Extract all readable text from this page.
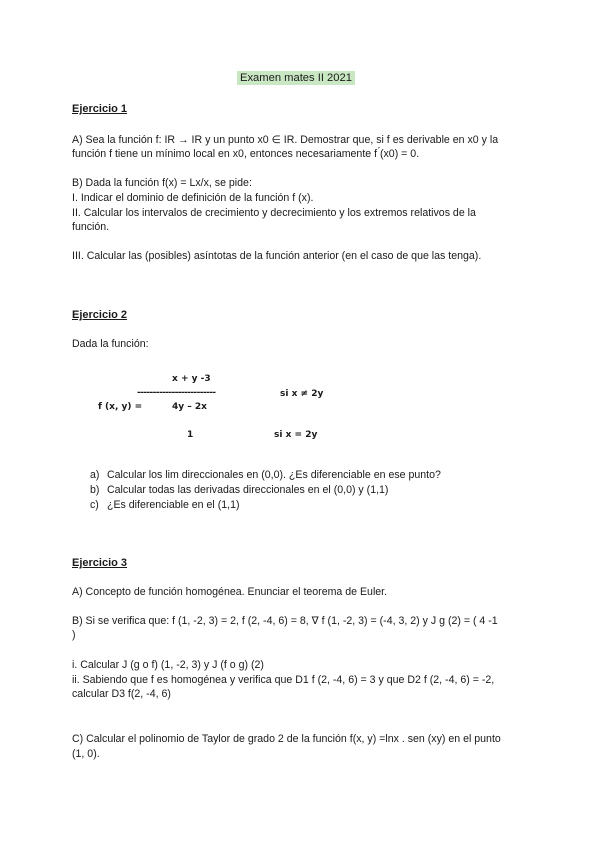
Examen mates II 2021
Ejercicio 1
A) Sea la función f: IR → IR y un punto x0 ∈ IR. Demostrar que, si f es derivable en x0 y la
función f tiene un mínimo local en x0, entonces necesariamente f ́(x0) = 0.
B) Dada la función f(x) = Lx/x, se pide:
I. Indicar el dominio de definición de la función f (x).
II. Calcular los intervalos de crecimiento y decrecimiento y los extremos relativos de la
función.
III. Calcular las (posibles) asíntotas de la función anterior (en el caso de que las tenga).
Ejercicio 2
Dada la función:
x + y -3
-------------------------
f (x, y) =	4y – 2x
si x ≠ 2y
1	si x = 2y
a) Calcular los lim direccionales en (0,0). ¿Es diferenciable en ese punto?
b) Calcular todas las derivadas direccionales en el (0,0) y (1,1)
c) ¿Es diferenciable en el (1,1)
Ejercicio 3
A) Concepto de función homogénea. Enunciar el teorema de Euler.
B) Si se verifica que: f (1, -2, 3) = 2, f (2, -4, 6) = 8, ∇ f (1, -2, 3) = (-4, 3, 2) y J g (2) = ( 4 -1
)
i. Calcular J (g o f) (1, -2, 3) y J (f o g) (2)
ii. Sabiendo que f es homogénea y verifica que D1 f (2, -4, 6) = 3 y que D2 f (2, -4, 6) = -2,
calcular D3 f(2, -4, 6)
C) Calcular el polinomio de Taylor de grado 2 de la función f(x, y) =lnx . sen (xy) en el punto
(1, 0).
